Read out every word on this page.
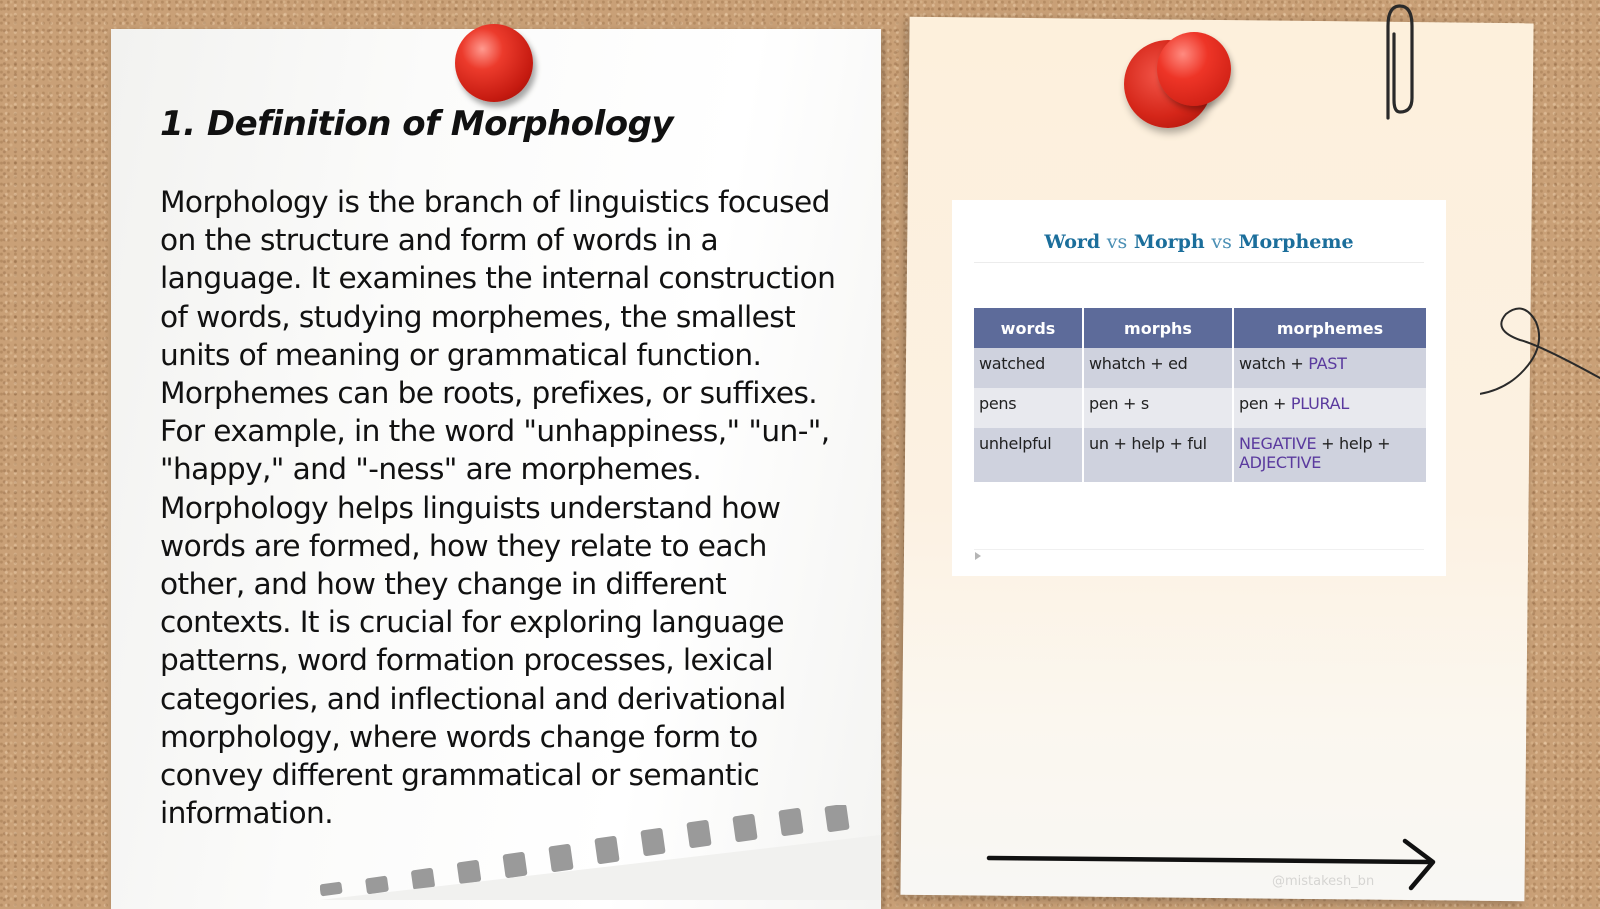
1. Definition of Morphology

Morphology is the branch of linguistics focused on the structure and form of words in a language. It examines the internal construction of words, studying morphemes, the smallest units of meaning or grammatical function. Morphemes can be roots, prefixes, or suffixes. For example, in the word "unhappiness," "un-", "happy," and "-ness" are morphemes. Morphology helps linguists understand how words are formed, how they relate to each other, and how they change in different contexts. It is crucial for exploring language patterns, word formation processes, lexical categories, and inflectional and derivational morphology, where words change form to convey different grammatical or semantic information.

Word vs Morph vs Morpheme
words	morphs	morphemes
watched	whatch + ed	watch + PAST
pens	pen + s	pen + PLURAL
unhelpful	un + help + ful	NEGATIVE + help + ADJECTIVE
@mistakesh_bn
